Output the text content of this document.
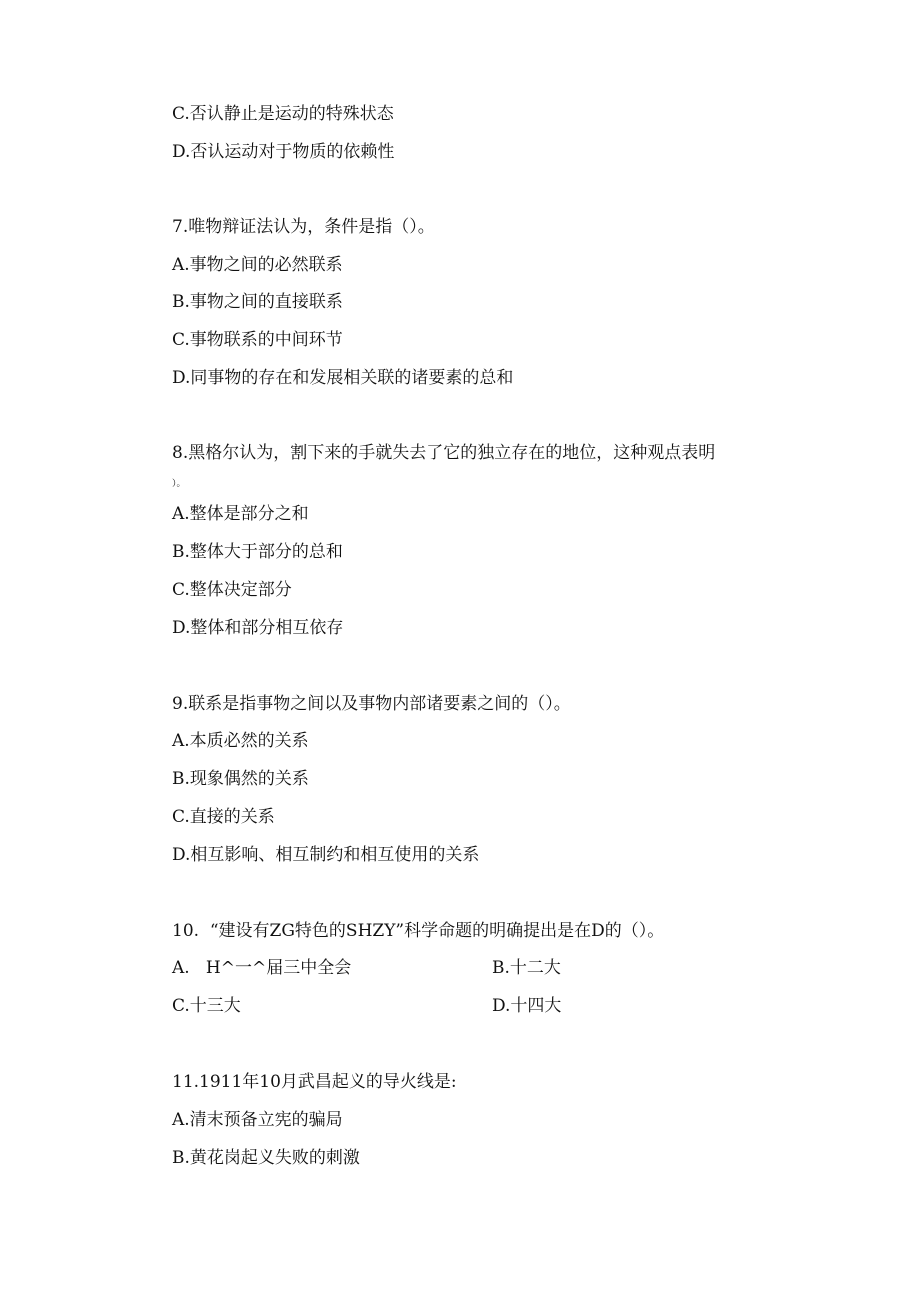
C.否认静止是运动的特殊状态
D.否认运动对于物质的依赖性
7.唯物辩证法认为，条件是指（）。
A.事物之间的必然联系
B.事物之间的直接联系
C.事物联系的中间环节
D.同事物的存在和发展相关联的诸要素的总和
8.黑格尔认为，割下来的手就失去了它的独立存在的地位，这种观点表明
）。
A.整体是部分之和
B.整体大于部分的总和
C.整体决定部分
D.整体和部分相互依存
9.联系是指事物之间以及事物内部诸要素之间的（）。
A.本质必然的关系
B.现象偶然的关系
C.直接的关系
D.相互影响、相互制约和相互使用的关系
10.  “建设有ZG特色的SHZY”科学命题的明确提出是在D的（）。
A.   H^一^届三中全会	B.十二大
C.十三大	D.十四大
11.1911年10月武昌起义的导火线是:
A.清末预备立宪的骗局
B.黄花岗起义失败的刺激
